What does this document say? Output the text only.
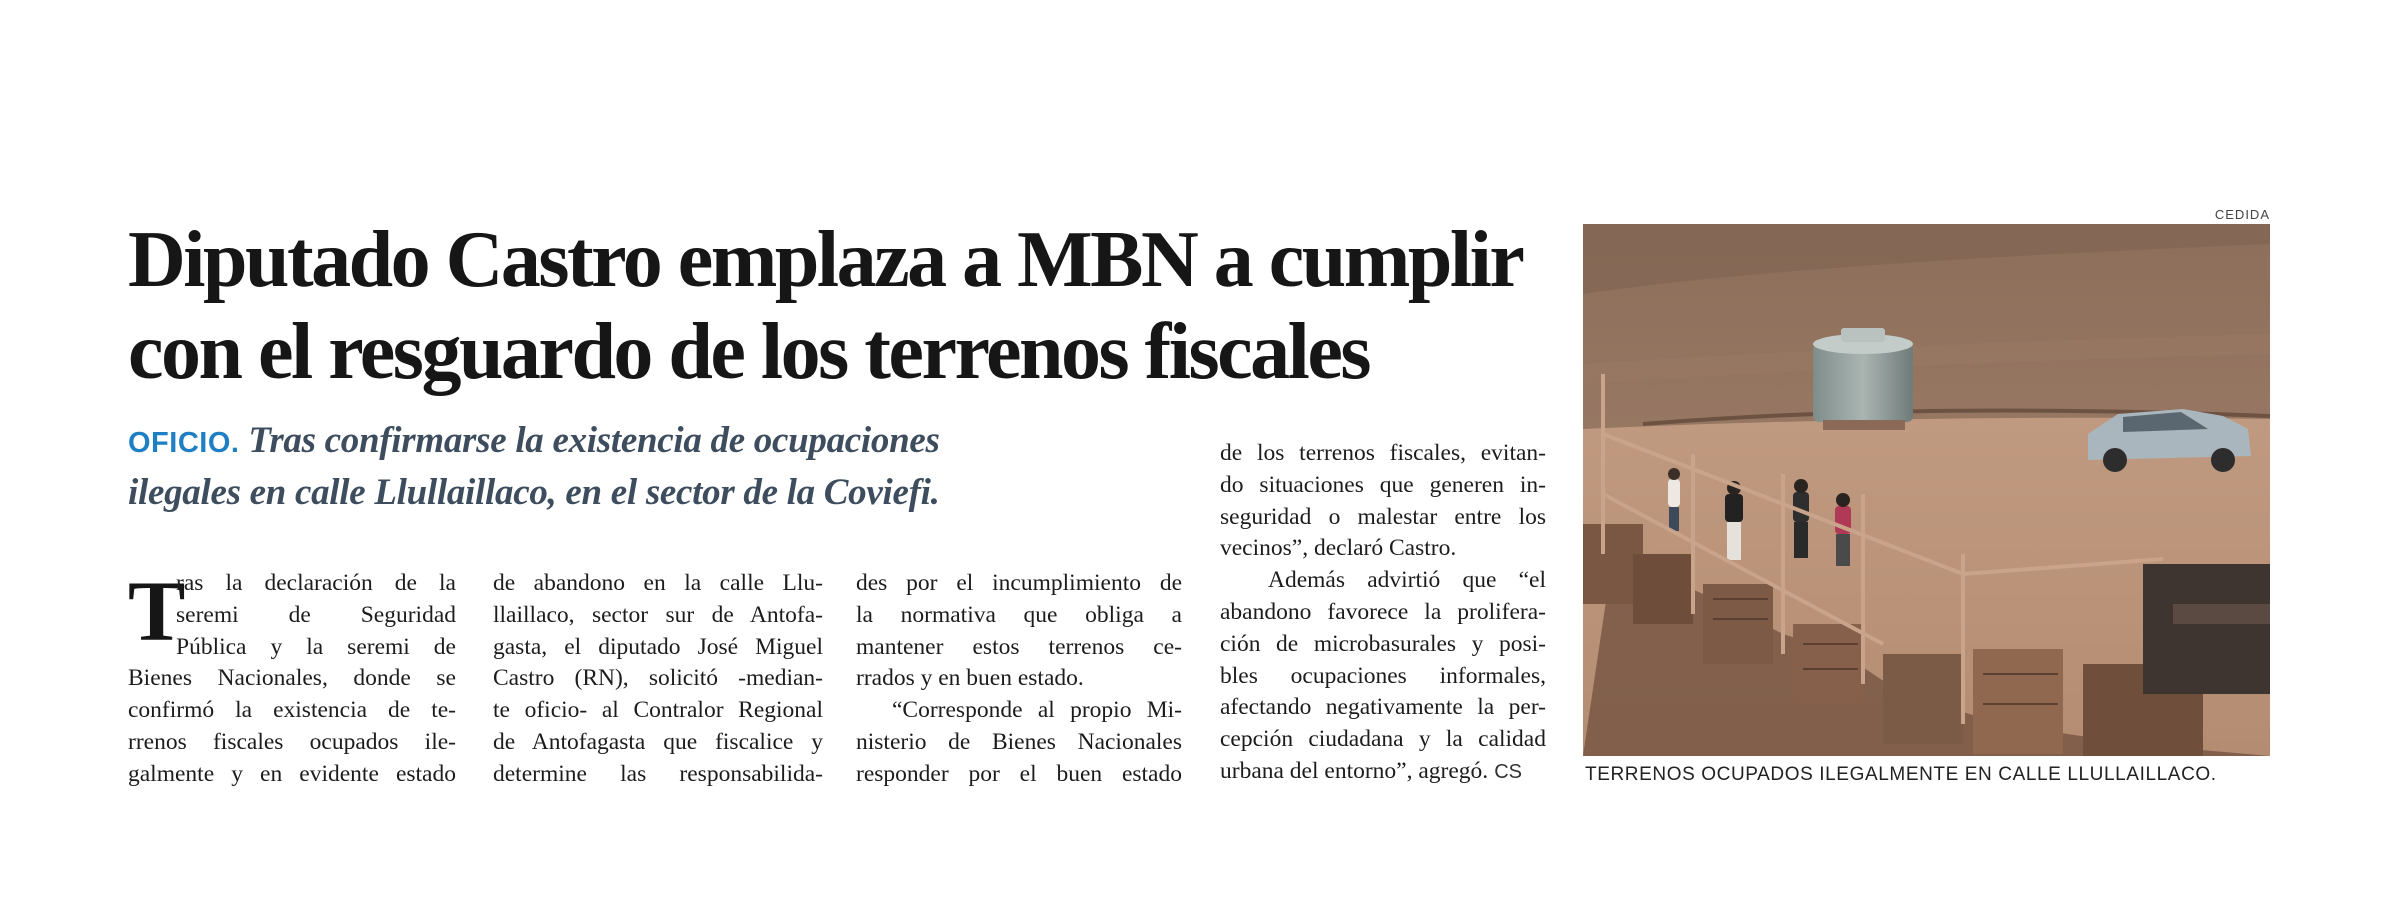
Diputado Castro emplaza a MBN a cumplir
con el resguardo de los terrenos fiscales
OFICIO. Tras confirmarse la existencia de ocupaciones
ilegales en calle Llullaillaco, en el sector de la Coviefi.
T
ras la declaración de la
seremi de Seguridad
Pública y la seremi de
Bienes Nacionales, donde se
confirmó la existencia de te-
rrenos fiscales ocupados ile-
galmente y en evidente estado
de abandono en la calle Llu-
llaillaco, sector sur de Antofa-
gasta, el diputado José Miguel
Castro (RN), solicitó -median-
te oficio- al Contralor Regional
de Antofagasta que fiscalice y
determine las responsabilida-
des por el incumplimiento de
la normativa que obliga a
mantener estos terrenos ce-
rrados y en buen estado.
“Corresponde al propio Mi-
nisterio de Bienes Nacionales
responder por el buen estado
de los terrenos fiscales, evitan-
do situaciones que generen in-
seguridad o malestar entre los
vecinos”, declaró Castro.
Además advirtió que “el
abandono favorece la prolifera-
ción de microbasurales y posi-
bles ocupaciones informales,
afectando negativamente la per-
cepción ciudadana y la calidad
urbana del entorno”, agregó. CS
CEDIDA
TERRENOS OCUPADOS ILEGALMENTE EN CALLE LLULLAILLACO.
